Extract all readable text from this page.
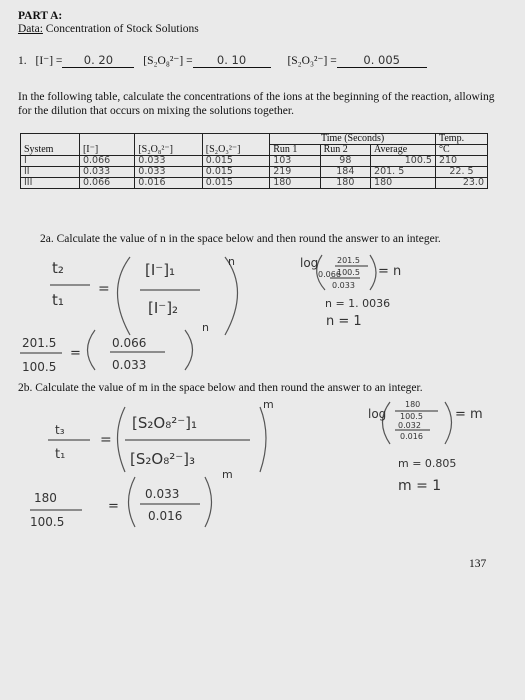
PART A:
Data: Concentration of Stock Solutions
1. [I⁻] = 0. 20	[S₂O₈²⁻] = 0. 10	[S₂O₃²⁻] = 0. 005
In the following table, calculate the concentrations of the ions at the beginning of the reaction, allowing for the dilution that occurs on mixing the solutions together.
System	[I⁻]	[S₂O₈²⁻]	[S₂O₃²⁻]	Time (Seconds)			Temp.
				Run 1	Run 2	Average	°C
I	0.066	0.033	0.015	103	98	100.5	210
II	0.033	0.033	0.015	219	184	201. 5	22. 5
III	0.066	0.016	0.015	180	180	180	23.0
2a. Calculate the value of n in the space below and then round the answer to an integer.
t₂
t₁
=
[I⁻]₁
[I⁻]₂
n
201.5
100.5
=
0.066
0.033
n
log 201.5
100.5
0.066
0.033
= n
n = 1. 0036
n = 1
2b. Calculate the value of m in the space below and then round the answer to an integer.
t₃
t₁
=
[S₂O₈²⁻]₁
[S₂O₈²⁻]₃
m
180
100.5
=
0.033
0.016
m
log
180
100.5
0.032
0.016
= m
m = 0.805
m = 1
137
